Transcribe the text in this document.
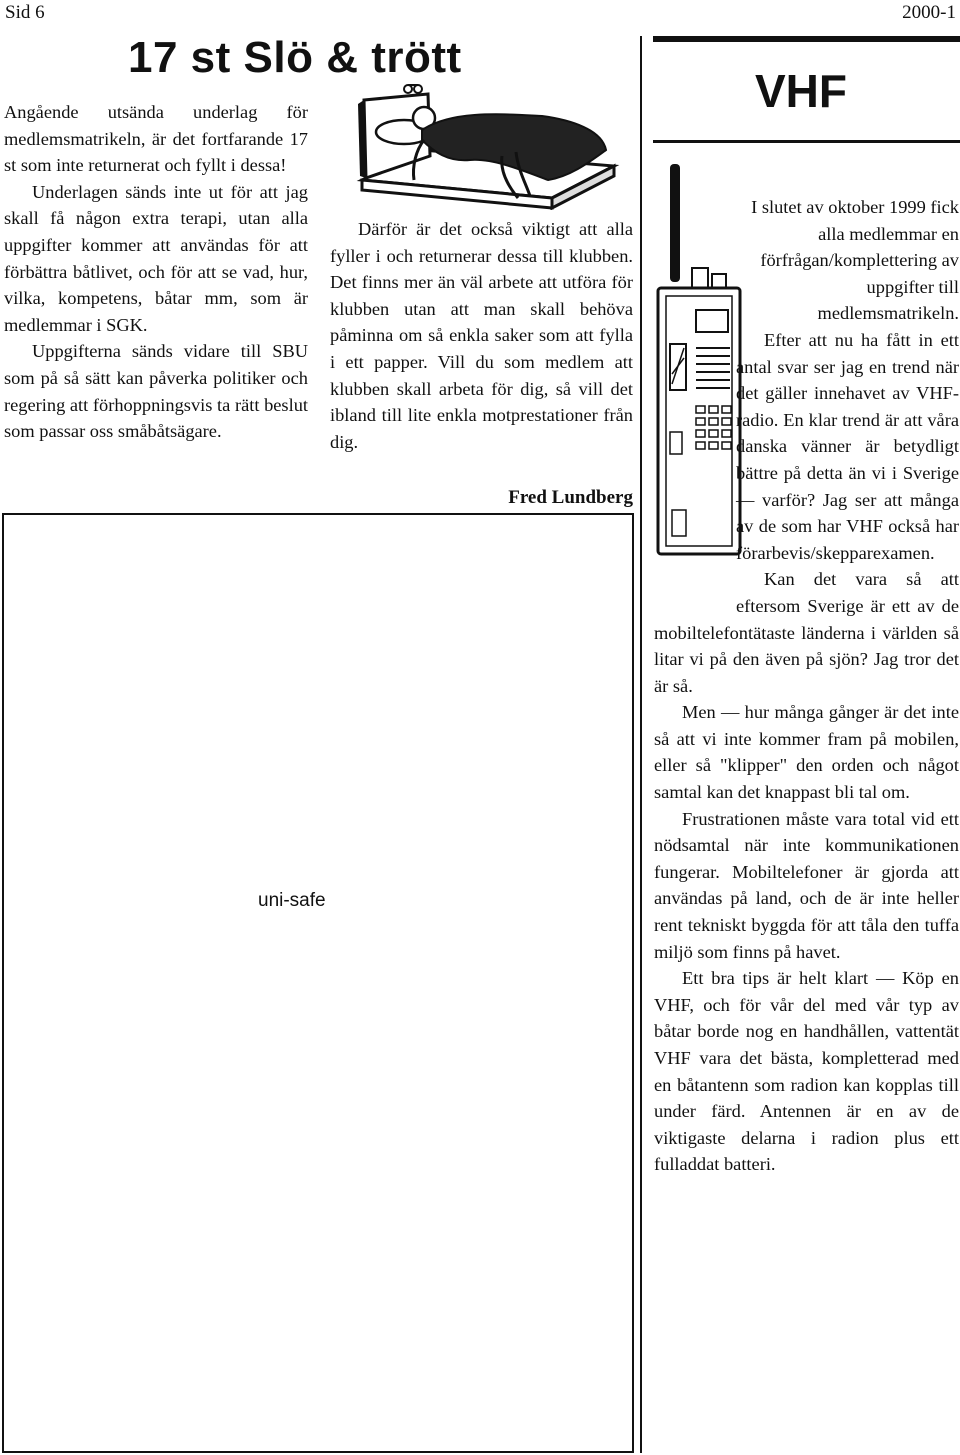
Sid 6	2000-1
17 st Slö & trött

Angående utsända underlag för medlemsmatrikeln, är det fortfarande 17 st som inte returnerat och fyllt i dessa!

Underlagen sänds inte ut för att jag skall få någon extra terapi, utan alla uppgifter kommer att användas för att förbättra båtlivet, och för att se vad, hur, vilka, kompetens, båtar mm, som är medlemmar i SGK.

Uppgifterna sänds vidare till SBU som på så sätt kan påverka politiker och regering att förhoppningsvis ta rätt beslut som passar oss småbåtsägare.

Därför är det också viktigt att alla fyller i och returnerar dessa till klubben. Det finns mer än väl arbete att utföra för klubben utan att man skall behöva påminna om så enkla saker som att fylla i ett papper. Vill du som medlem att klubben skall arbeta för dig, så vill det ibland till lite enkla motprestationer från dig.

Fred Lundberg
uni-safe
VHF

I slutet av oktober 1999 fick alla medlemmar en förfrågan/komplettering av uppgifter till medlemsmatrikeln.

Efter att nu ha fått in ett antal svar ser jag en trend när det gäller innehavet av VHF-radio. En klar trend är att våra danska vänner är betydligt bättre på detta än vi i Sverige — varför? Jag ser att många av de som har VHF också har förarbevis/skepparexamen.

Kan det vara så att eftersom Sverige är ett av de mobiltelefontätaste länderna i världen så litar vi på den även på sjön? Jag tror det är så.

Men — hur många gånger är det inte så att vi inte kommer fram på mobilen, eller så "klipper" den orden och något samtal kan det knappast bli tal om.

Frustrationen måste vara total vid ett nödsamtal när inte kommunikationen fungerar. Mobiltelefoner är gjorda att användas på land, och de är inte heller rent tekniskt byggda för att tåla den tuffa miljö som finns på havet.

Ett bra tips är helt klart — Köp en VHF, och för vår del med vår typ av båtar borde nog en handhållen, vattentät VHF vara det bästa, kompletterad med en båtantenn som radion kan kopplas till under färd. Antennen är en av de viktigaste delarna i radion plus ett fulladdat batteri.
